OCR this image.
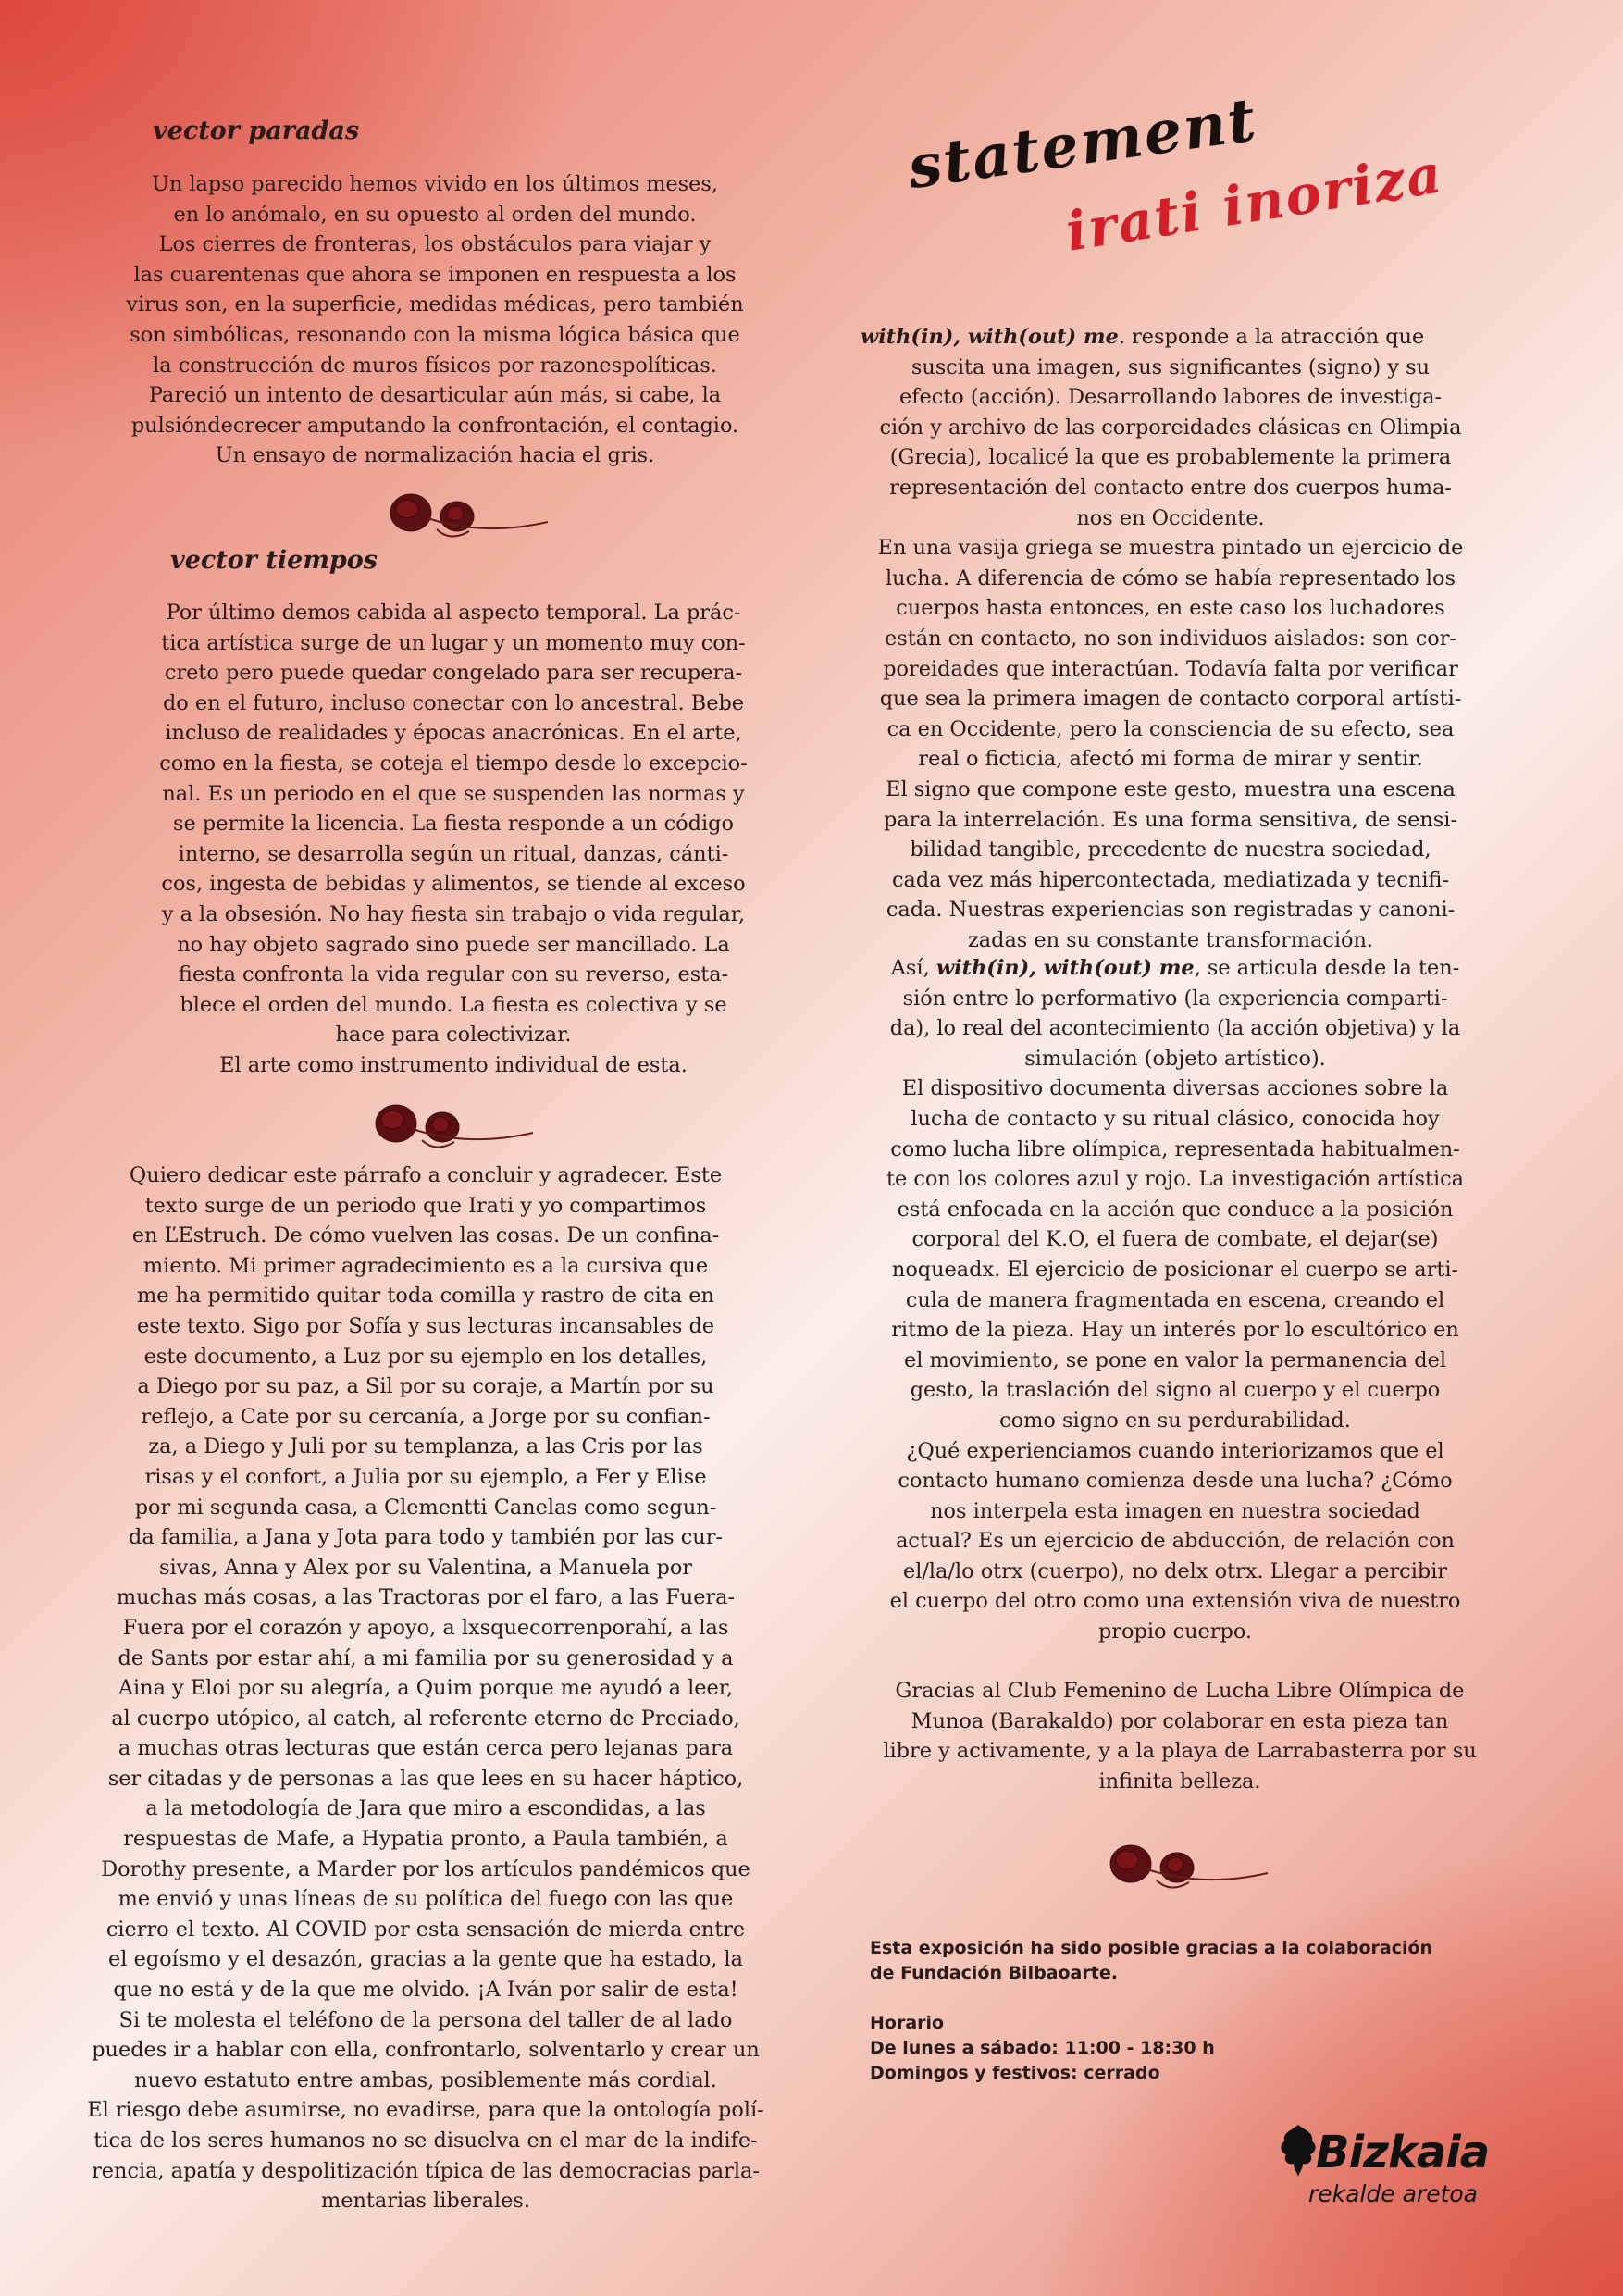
vector paradas
Un lapso parecido hemos vivido en los últimos meses,
en lo anómalo, en su opuesto al orden del mundo.
Los cierres de fronteras, los obstáculos para viajar y
las cuarentenas que ahora se imponen en respuesta a los
virus son, en la superficie, medidas médicas, pero también
son simbólicas, resonando con la misma lógica básica que
la construcción de muros físicos por razonespolíticas.
Pareció un intento de desarticular aún más, si cabe, la
pulsióndecrecer amputando la confrontación, el contagio.
Un ensayo de normalización hacia el gris.
vector tiempos
Por último demos cabida al aspecto temporal. La prác-
tica artística surge de un lugar y un momento muy con-
creto pero puede quedar congelado para ser recupera-
do en el futuro, incluso conectar con lo ancestral. Bebe
incluso de realidades y épocas anacrónicas. En el arte,
como en la fiesta, se coteja el tiempo desde lo excepcio-
nal. Es un periodo en el que se suspenden las normas y
se permite la licencia. La fiesta responde a un código
interno, se desarrolla según un ritual, danzas, cánti-
cos, ingesta de bebidas y alimentos, se tiende al exceso
y a la obsesión. No hay fiesta sin trabajo o vida regular,
no hay objeto sagrado sino puede ser mancillado. La
fiesta confronta la vida regular con su reverso, esta-
blece el orden del mundo. La fiesta es colectiva y se
hace para colectivizar.
El arte como instrumento individual de esta.
Quiero dedicar este párrafo a concluir y agradecer. Este
texto surge de un periodo que Irati y yo compartimos
en ĽEstruch. De cómo vuelven las cosas. De un confina-
miento. Mi primer agradecimiento es a la cursiva que
me ha permitido quitar toda comilla y rastro de cita en
este texto. Sigo por Sofía y sus lecturas incansables de
este documento, a Luz por su ejemplo en los detalles,
a Diego por su paz, a Sil por su coraje, a Martín por su
reflejo, a Cate por su cercanía, a Jorge por su confian-
za, a Diego y Juli por su templanza, a las Cris por las
risas y el confort, a Julia por su ejemplo, a Fer y Elise
por mi segunda casa, a Clementti Canelas como segun-
da familia, a Jana y Jota para todo y también por las cur-
sivas, Anna y Alex por su Valentina, a Manuela por
muchas más cosas, a las Tractoras por el faro, a las Fuera-
Fuera por el corazón y apoyo, a lxsquecorrenporahí, a las
de Sants por estar ahí, a mi familia por su generosidad y a
Aina y Eloi por su alegría, a Quim porque me ayudó a leer,
al cuerpo utópico, al catch, al referente eterno de Preciado,
a muchas otras lecturas que están cerca pero lejanas para
ser citadas y de personas a las que lees en su hacer háptico,
a la metodología de Jara que miro a escondidas, a las
respuestas de Mafe, a Hypatia pronto, a Paula también, a
Dorothy presente, a Marder por los artículos pandémicos que
me envió y unas líneas de su política del fuego con las que
cierro el texto. Al COVID por esta sensación de mierda entre
el egoísmo y el desazón, gracias a la gente que ha estado, la
que no está y de la que me olvido. ¡A Iván por salir de esta!
Si te molesta el teléfono de la persona del taller de al lado
puedes ir a hablar con ella, confrontarlo, solventarlo y crear un
nuevo estatuto entre ambas, posiblemente más cordial.
El riesgo debe asumirse, no evadirse, para que la ontología polí-
tica de los seres humanos no se disuelva en el mar de la indife-
rencia, apatía y despolitización típica de las democracias parla-
mentarias liberales.
statement
irati inoriza
with(in), with(out) me. responde a la atracción que
suscita una imagen, sus significantes (signo) y su
efecto (acción). Desarrollando labores de investiga-
ción y archivo de las corporeidades clásicas en Olimpia
(Grecia), localicé la que es probablemente la primera
representación del contacto entre dos cuerpos huma-
nos en Occidente.
En una vasija griega se muestra pintado un ejercicio de
lucha. A diferencia de cómo se había representado los
cuerpos hasta entonces, en este caso los luchadores
están en contacto, no son individuos aislados: son cor-
poreidades que interactúan. Todavía falta por verificar
que sea la primera imagen de contacto corporal artísti-
ca en Occidente, pero la consciencia de su efecto, sea
real o ficticia, afectó mi forma de mirar y sentir.
El signo que compone este gesto, muestra una escena
para la interrelación. Es una forma sensitiva, de sensi-
bilidad tangible, precedente de nuestra sociedad,
cada vez más hipercontectada, mediatizada y tecnifi-
cada. Nuestras experiencias son registradas y canoni-
zadas en su constante transformación.
Así, with(in), with(out) me, se articula desde la ten-
sión entre lo performativo (la experiencia comparti-
da), lo real del acontecimiento (la acción objetiva) y la
simulación (objeto artístico).
El dispositivo documenta diversas acciones sobre la
lucha de contacto y su ritual clásico, conocida hoy
como lucha libre olímpica, representada habitualmen-
te con los colores azul y rojo. La investigación artística
está enfocada en la acción que conduce a la posición
corporal del K.O, el fuera de combate, el dejar(se)
noqueadx. El ejercicio de posicionar el cuerpo se arti-
cula de manera fragmentada en escena, creando el
ritmo de la pieza. Hay un interés por lo escultórico en
el movimiento, se pone en valor la permanencia del
gesto, la traslación del signo al cuerpo y el cuerpo
como signo en su perdurabilidad.
¿Qué experienciamos cuando interiorizamos que el
contacto humano comienza desde una lucha? ¿Cómo
nos interpela esta imagen en nuestra sociedad
actual? Es un ejercicio de abducción, de relación con
el/la/lo otrx (cuerpo), no delx otrx. Llegar a percibir
el cuerpo del otro como una extensión viva de nuestro
propio cuerpo.
Gracias al Club Femenino de Lucha Libre Olímpica de
Munoa (Barakaldo) por colaborar en esta pieza tan
libre y activamente, y a la playa de Larrabasterra por su
infinita belleza.
Esta exposición ha sido posible gracias a la colaboración
de Fundación Bilbaoarte.
Horario
De lunes a sábado: 11:00 - 18:30 h
Domingos y festivos: cerrado
Bizkaia
rekalde aretoa
